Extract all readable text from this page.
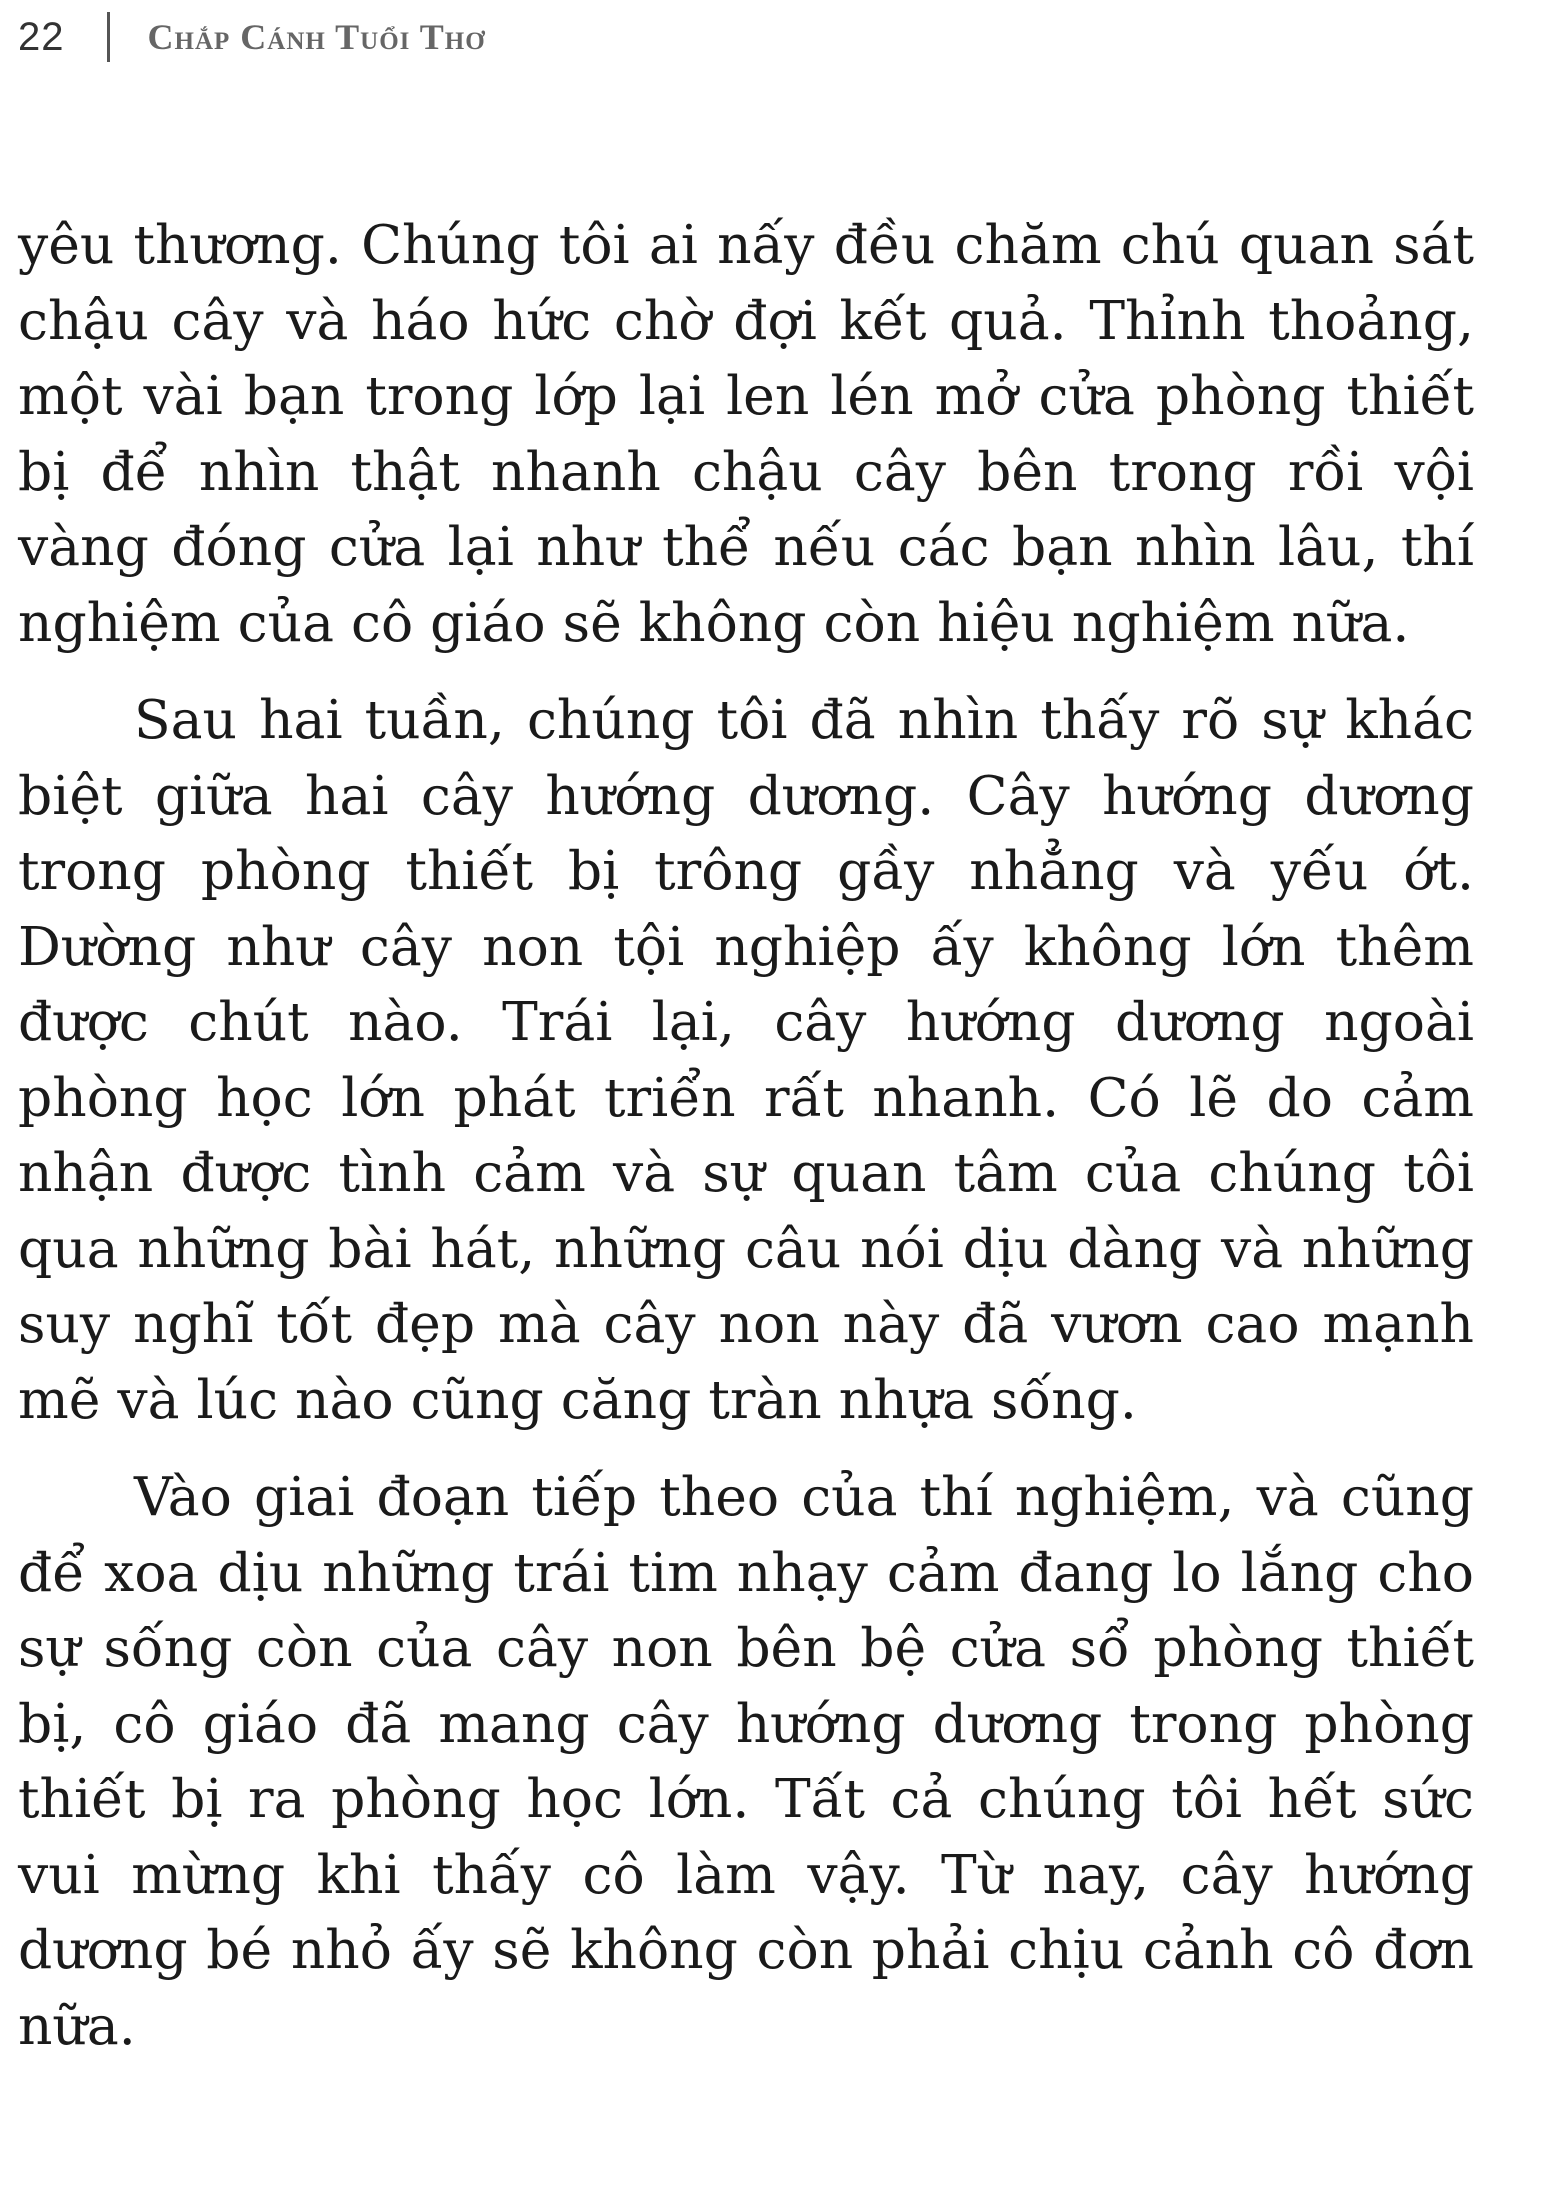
22 Chắp Cánh Tuổi Thơ

yêu thương. Chúng tôi ai nấy đều chăm chú quan sát chậu cây và háo hức chờ đợi kết quả. Thỉnh thoảng, một vài bạn trong lớp lại len lén mở cửa phòng thiết bị để nhìn thật nhanh chậu cây bên trong rồi vội vàng đóng cửa lại như thể nếu các bạn nhìn lâu, thí nghiệm của cô giáo sẽ không còn hiệu nghiệm nữa.

Sau hai tuần, chúng tôi đã nhìn thấy rõ sự khác biệt giữa hai cây hướng dương. Cây hướng dương trong phòng thiết bị trông gầy nhẳng và yếu ớt. Dường như cây non tội nghiệp ấy không lớn thêm được chút nào. Trái lại, cây hướng dương ngoài phòng học lớn phát triển rất nhanh. Có lẽ do cảm nhận được tình cảm và sự quan tâm của chúng tôi qua những bài hát, những câu nói dịu dàng và những suy nghĩ tốt đẹp mà cây non này đã vươn cao mạnh mẽ và lúc nào cũng căng tràn nhựa sống.

Vào giai đoạn tiếp theo của thí nghiệm, và cũng để xoa dịu những trái tim nhạy cảm đang lo lắng cho sự sống còn của cây non bên bệ cửa sổ phòng thiết bị, cô giáo đã mang cây hướng dương trong phòng thiết bị ra phòng học lớn. Tất cả chúng tôi hết sức vui mừng khi thấy cô làm vậy. Từ nay, cây hướng dương bé nhỏ ấy sẽ không còn phải chịu cảnh cô đơn nữa.
